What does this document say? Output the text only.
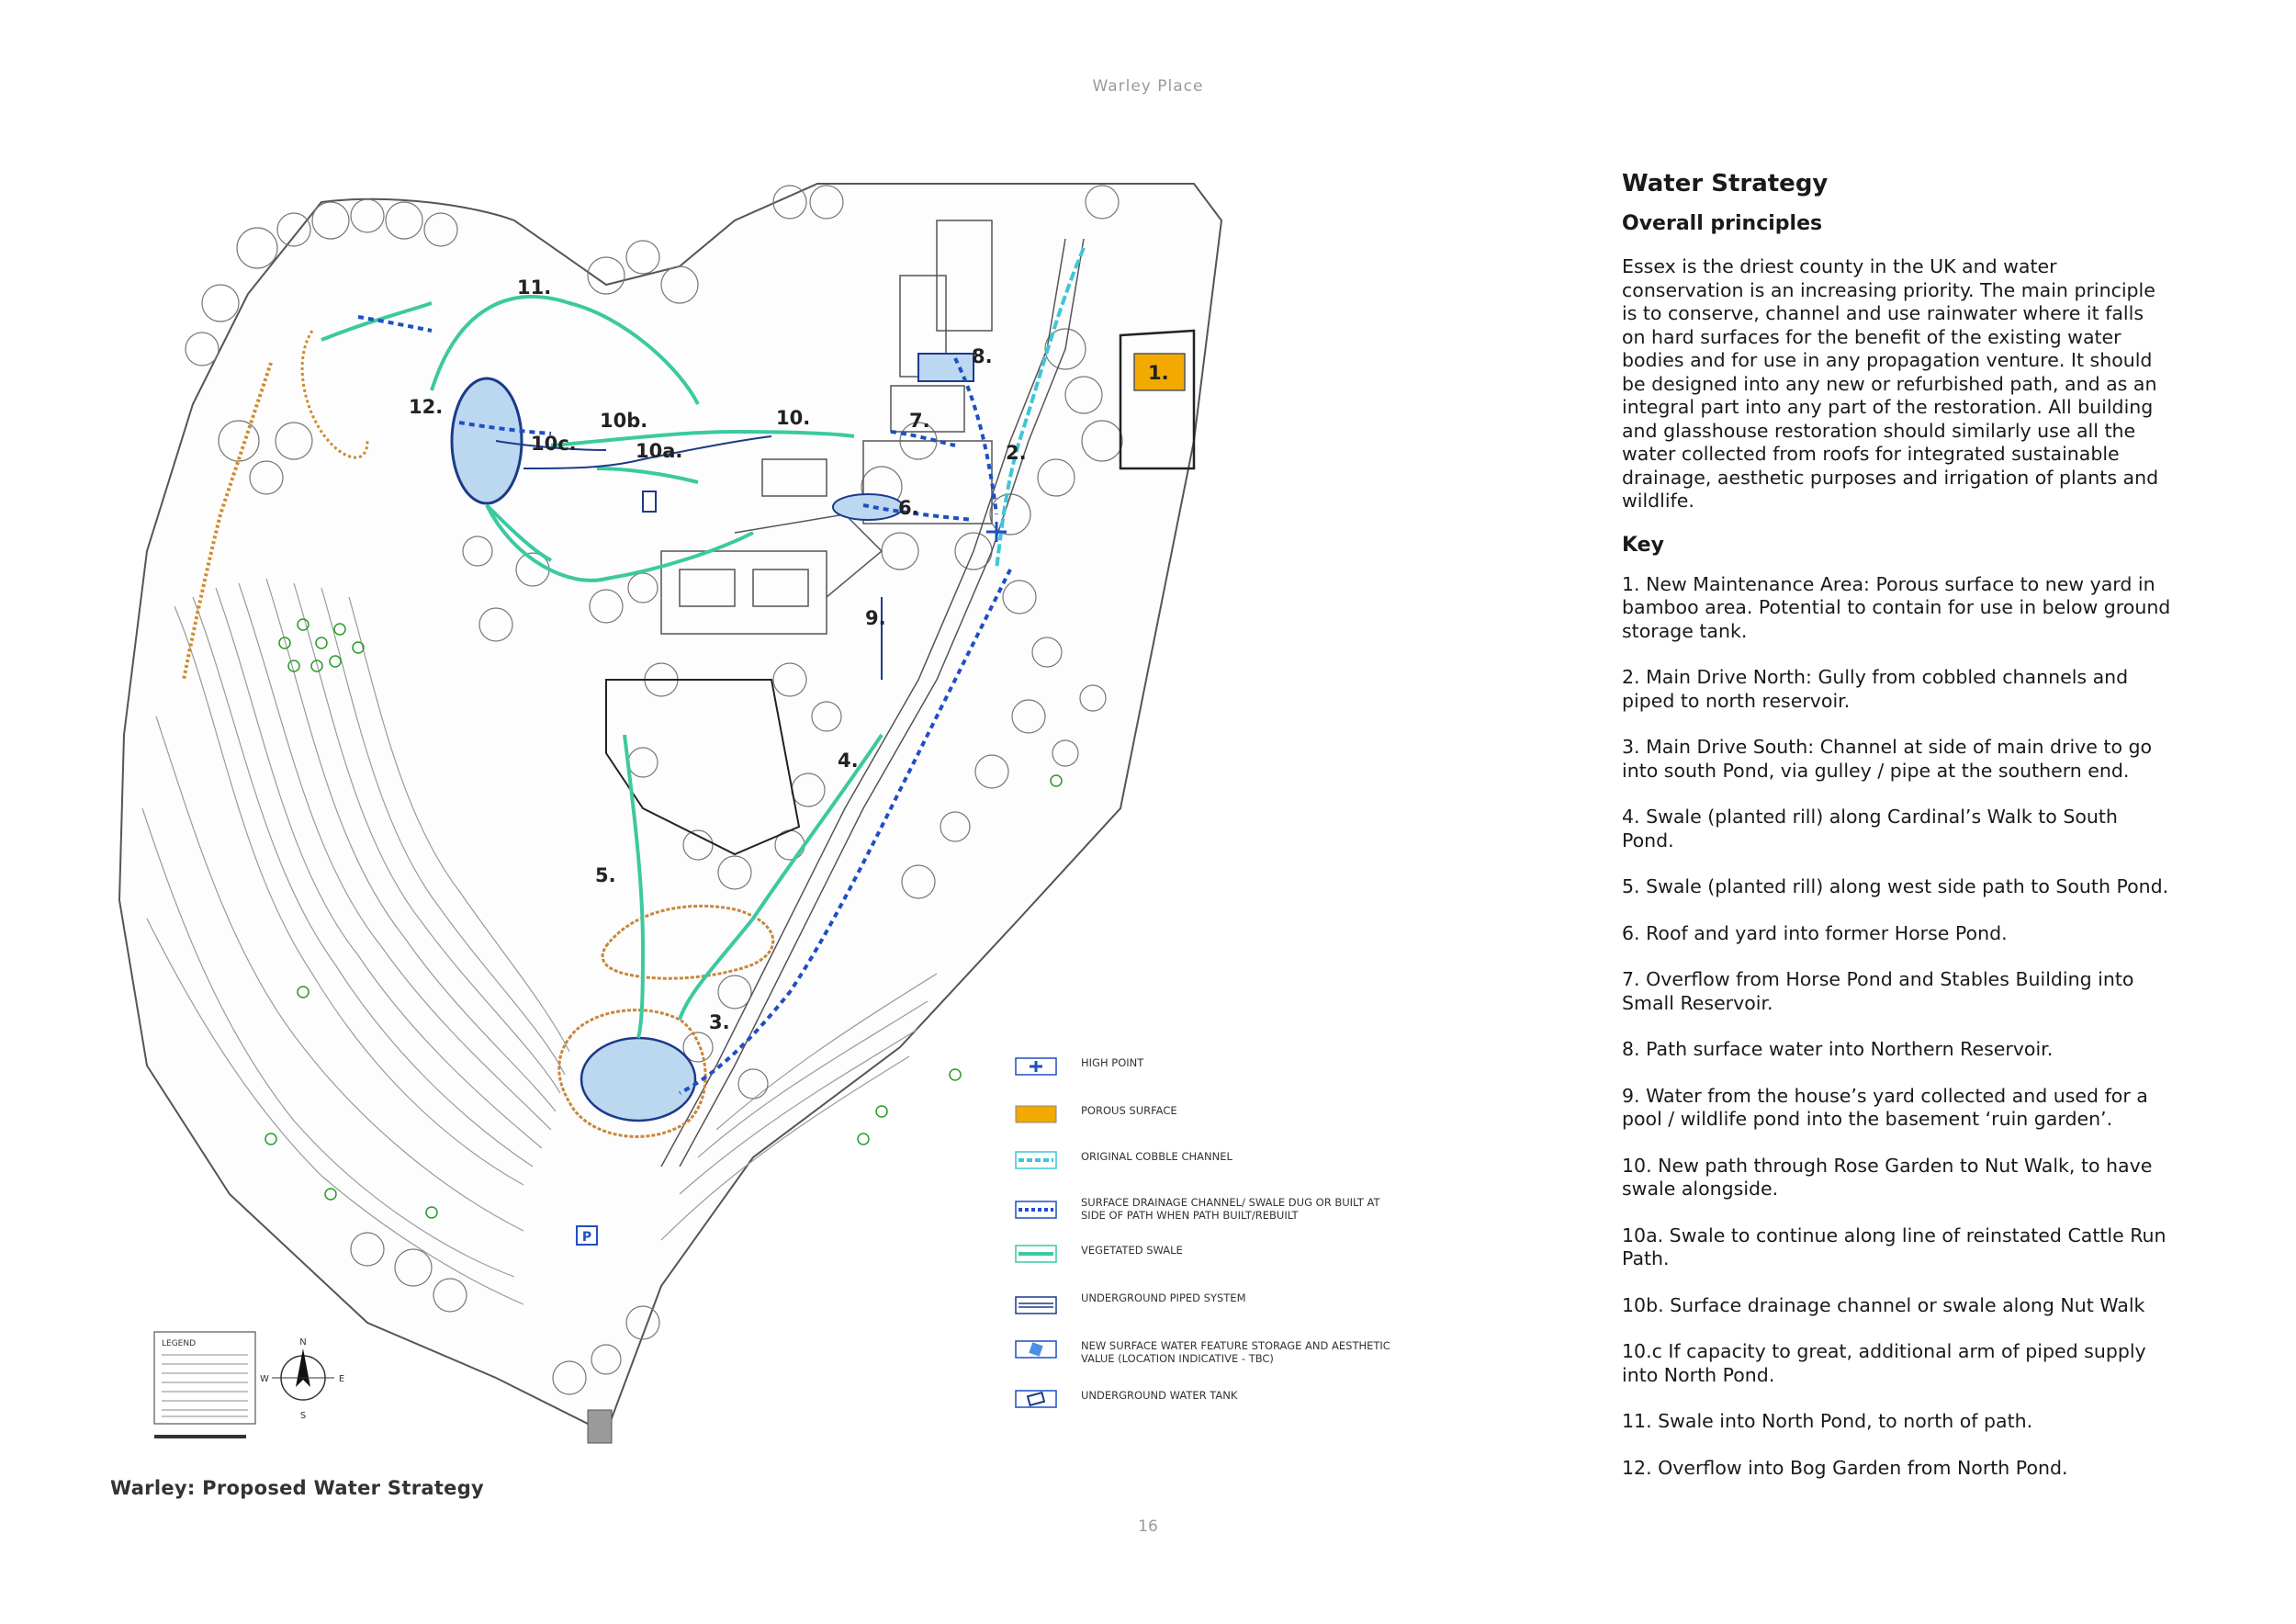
Warley Place
P
LEGEND	N
S
E
W
1.
2.
3.
4.
5.
6.
7.
8.
9.
10.
10a.
10b.
10c.
11.
12.
HIGH POINT
POROUS SURFACE
ORIGINAL COBBLE CHANNEL
SURFACE DRAINAGE CHANNEL/ SWALE DUG OR BUILT AT SIDE OF PATH WHEN PATH BUILT/REBUILT
VEGETATED SWALE
UNDERGROUND PIPED SYSTEM
NEW SURFACE WATER FEATURE STORAGE AND AESTHETIC VALUE (LOCATION INDICATIVE - TBC)
UNDERGROUND WATER TANK
Warley: Proposed Water Strategy
Water Strategy
Overall principles
Essex is the driest county in the UK and water conservation is an increasing priority. The main principle is to conserve, channel and use rainwater where it falls on hard surfaces for the benefit of the existing water bodies and for use in any propagation venture. It should be designed into any new or refurbished path, and as an integral part into any part of the restoration. All building and glasshouse restoration should similarly use all the water collected from roofs for integrated sustainable drainage, aesthetic purposes and irrigation of plants and wildlife.
Key
1. New Maintenance Area: Porous surface to new yard in bamboo area. Potential to contain for use in below ground storage tank.
2. Main Drive North: Gully from cobbled channels and piped to north reservoir.
3. Main Drive South: Channel at side of main drive to go into south Pond, via gulley / pipe at the southern end.
4. Swale (planted rill) along Cardinal’s Walk to South Pond.
5. Swale (planted rill) along west side path to South Pond.
6. Roof and yard into former Horse Pond.
7. Overflow from Horse Pond and Stables Building into Small Reservoir.
8. Path surface water into Northern Reservoir.
9. Water from the house’s yard collected and used for a pool / wildlife pond into the basement ‘ruin garden’.
10. New path through Rose Garden to Nut Walk, to have swale alongside.
10a. Swale to continue along line of reinstated Cattle Run Path.
10b. Surface drainage channel or swale along Nut Walk
10.c If capacity to great, additional arm of piped supply into North Pond.
11. Swale into North Pond, to north of path.
12. Overflow into Bog Garden from North Pond.
16
